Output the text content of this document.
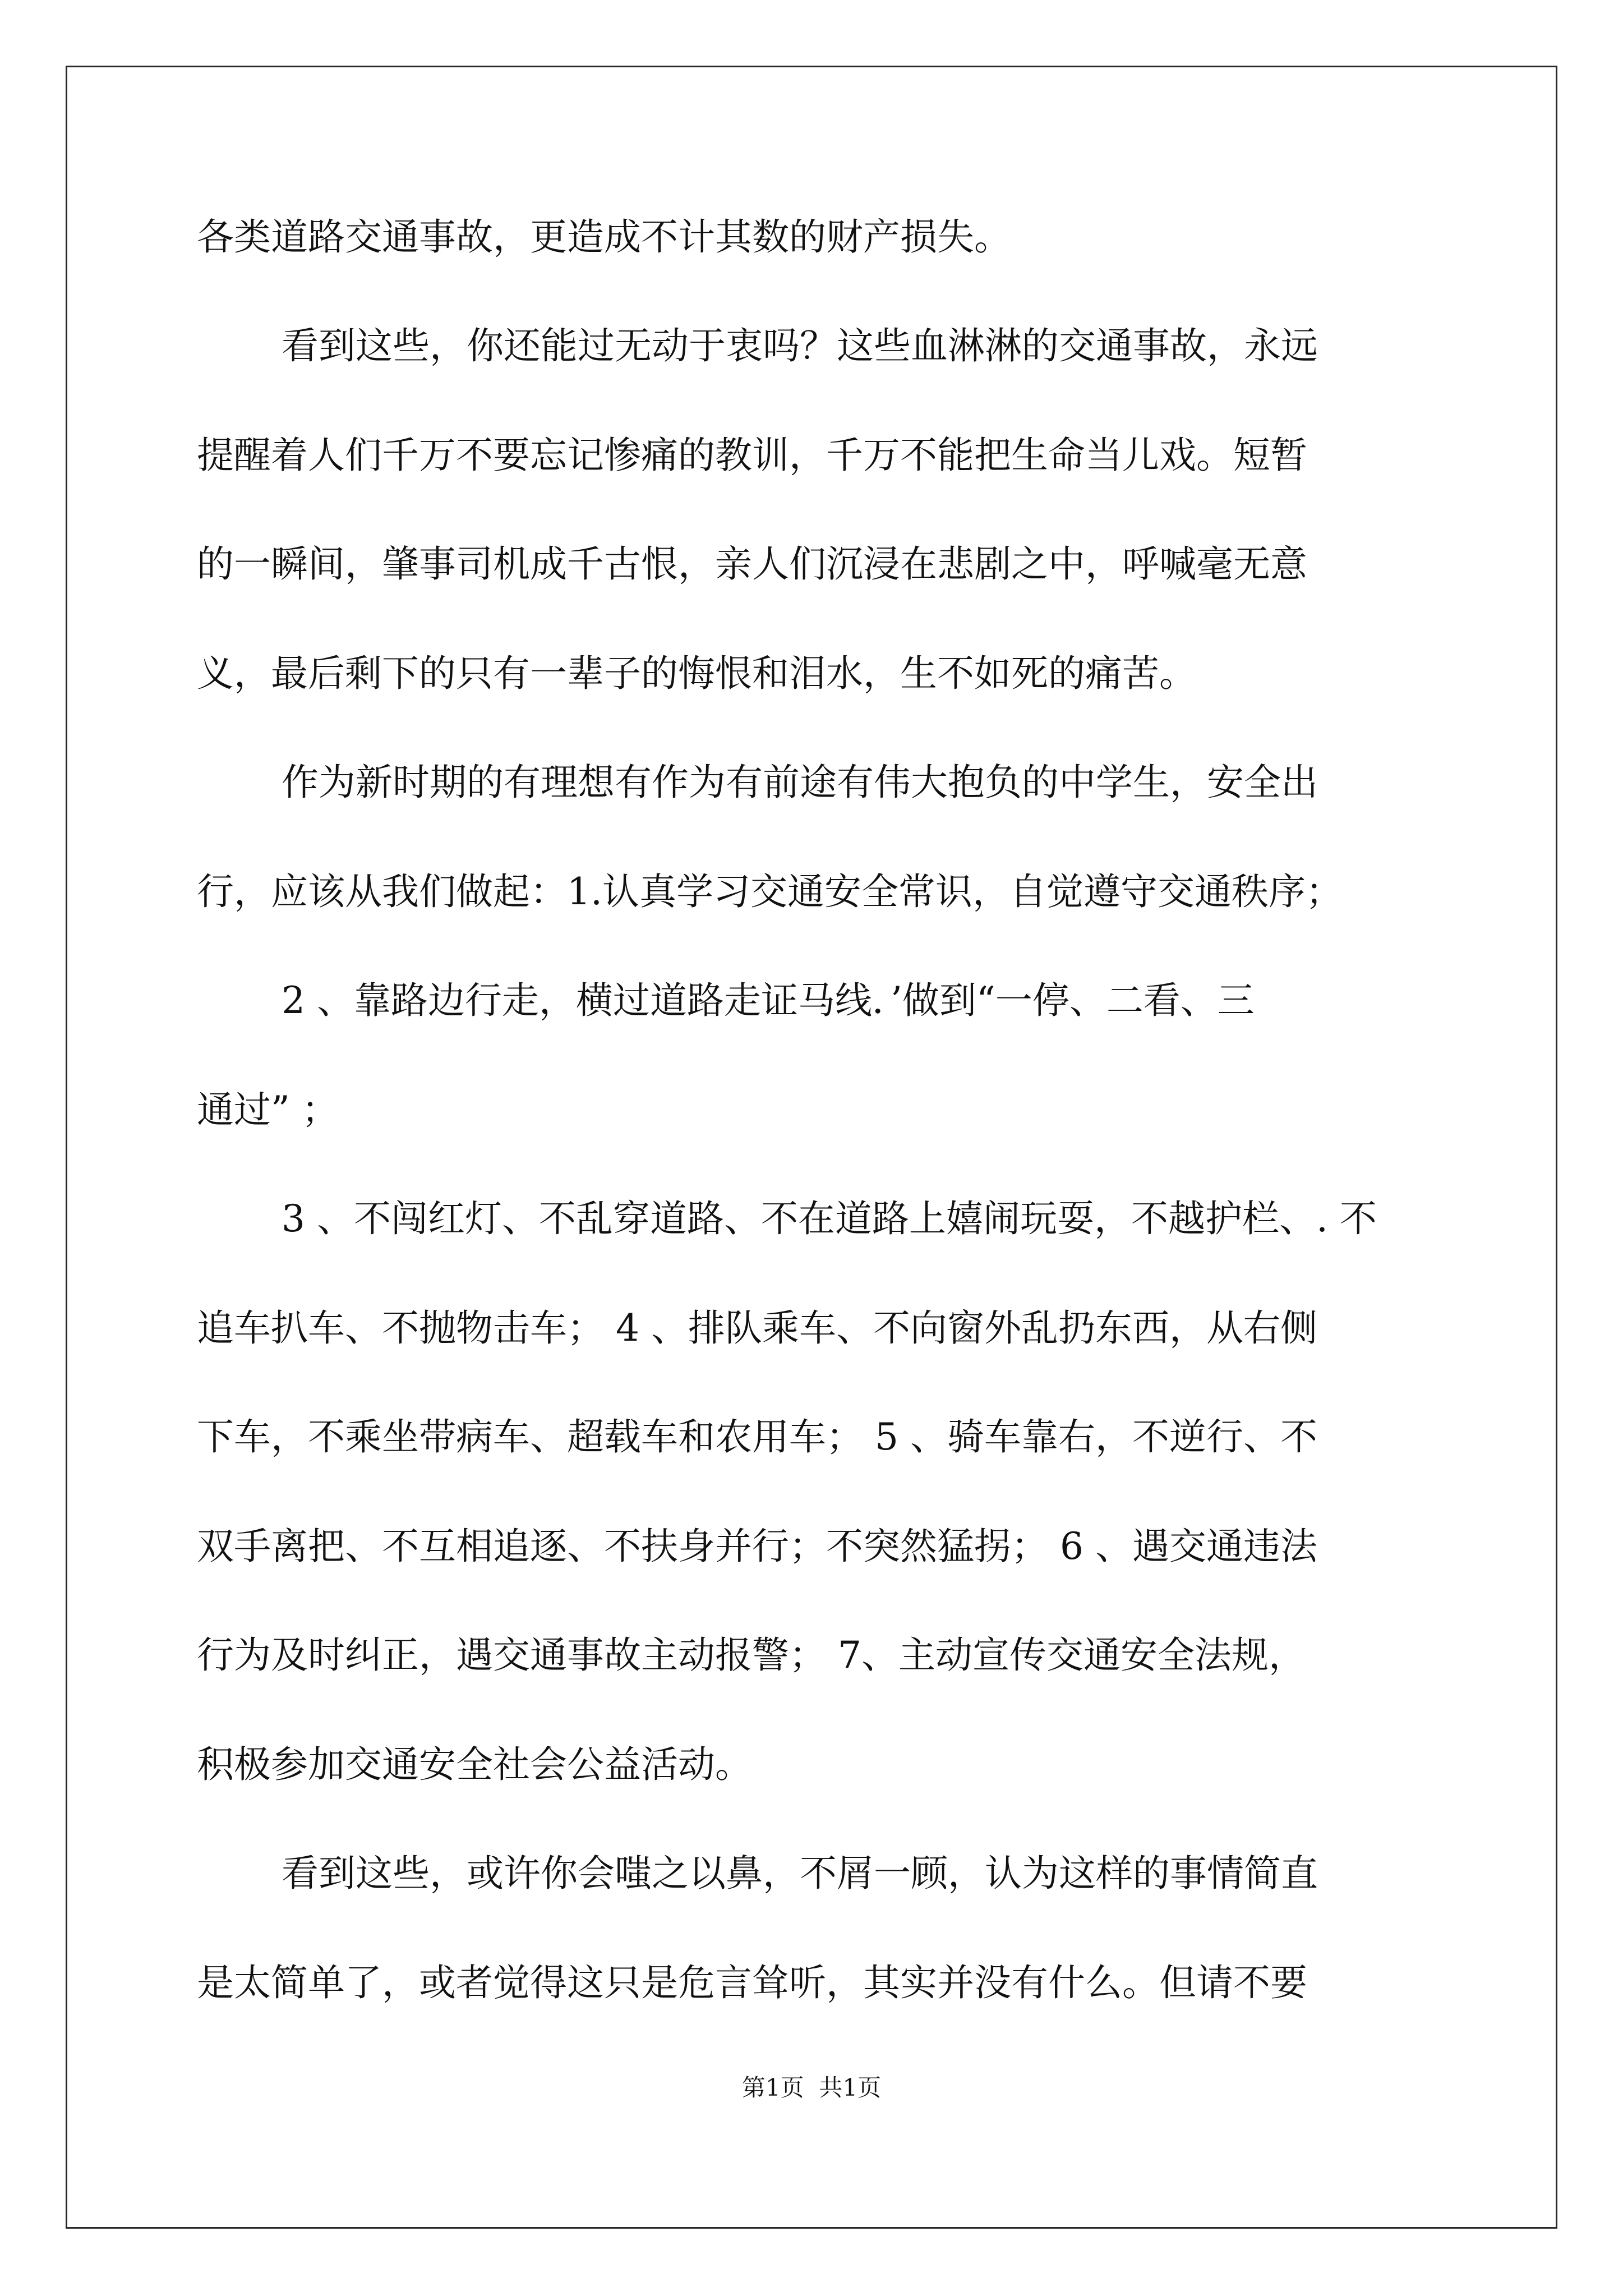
各类道路交通事故，更造成不计其数的财产损失。
看到这些，你还能过无动于衷吗？这些血淋淋的交通事故，永远
提醒着人们千万不要忘记惨痛的教训，千万不能把生命当儿戏。短暂
的一瞬间，肇事司机成千古恨，亲人们沉浸在悲剧之中，呼喊毫无意
义，最后剩下的只有一辈子的悔恨和泪水，生不如死的痛苦。
作为新时期的有理想有作为有前途有伟大抱负的中学生，安全出
行，应该从我们做起：1.认真学习交通安全常识，自觉遵守交通秩序；
2 、靠路边行走，横过道路走证马线．’做到“一停、二看、三
通过” ；
3 、不闯红灯、不乱穿道路、不在道路上嬉闹玩耍，不越护栏、. 不
追车扒车、不抛物击车； 4 、排队乘车、不向窗外乱扔东西，从右侧
下车，不乘坐带病车、超载车和农用车； 5 、骑车靠右，不逆行、不
双手离把、不互相追逐、不扶身并行；不突然猛拐； 6 、遇交通违法
行为及时纠正，遇交通事故主动报警； 7、主动宣传交通安全法规，
积极参加交通安全社会公益活动。
看到这些，或许你会嗤之以鼻，不屑一顾，认为这样的事情简直
是太简单了，或者觉得这只是危言耸听，其实并没有什么。但请不要
第1页  共1页
